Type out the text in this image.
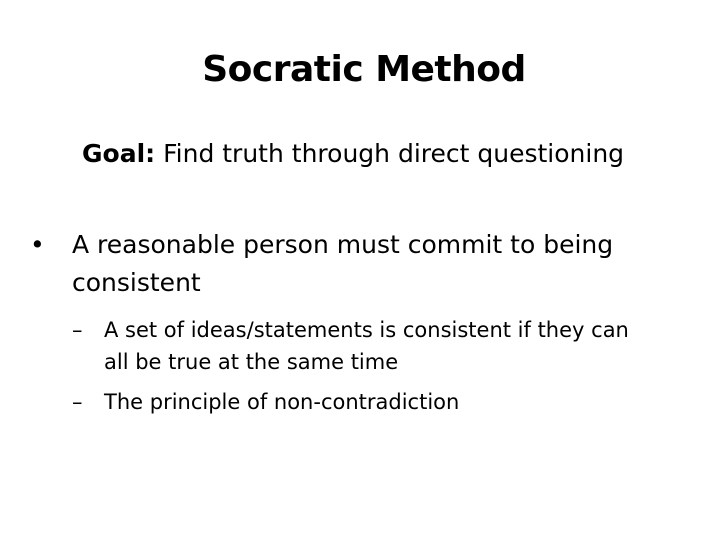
Socratic Method
Goal: Find truth through direct questioning
•	A reasonable person must commit to being
consistent
– A set of ideas/statements is consistent if they can
all be true at the same time
– The principle of non-contradiction
